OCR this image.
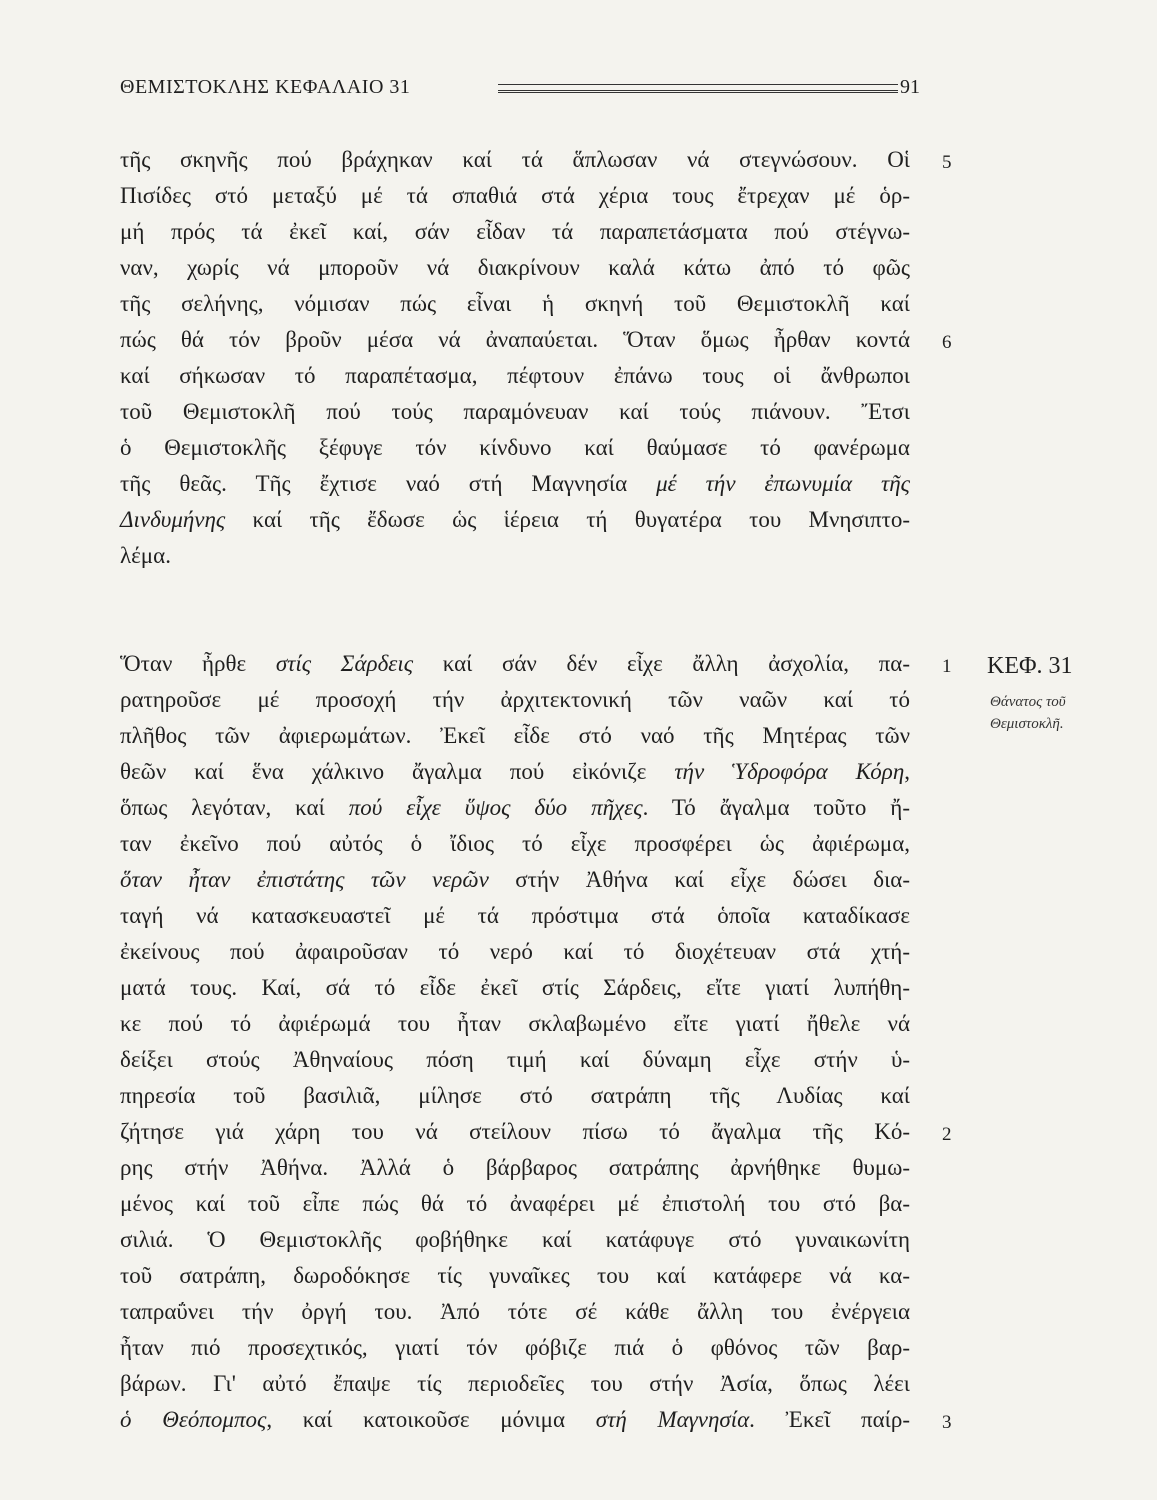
ΘΕΜΙΣΤΟΚΛΗΣ ΚΕΦΑΛΑΙΟ 31	91
τῆς σκηνῆς πού βράχηκαν καί τά ἅπλωσαν νά στεγνώσουν. Οἱ
Πισίδες στό μεταξύ μέ τά σπαθιά στά χέρια τους ἔτρεχαν μέ ὁρ-
μή πρός τά ἐκεῖ καί, σάν εἶδαν τά παραπετάσματα πού στέγνω-
ναν, χωρίς νά μποροῦν νά διακρίνουν καλά κάτω ἀπό τό φῶς
τῆς σελήνης, νόμισαν πώς εἶναι ἡ σκηνή τοῦ Θεμιστοκλῆ καί
πώς θά τόν βροῦν μέσα νά ἀναπαύεται. Ὅταν ὅμως ἦρθαν κοντά
καί σήκωσαν τό παραπέτασμα, πέφτουν ἐπάνω τους οἱ ἄνθρωποι
τοῦ Θεμιστοκλῆ πού τούς παραμόνευαν καί τούς πιάνουν. Ἔτσι
ὁ Θεμιστοκλῆς ξέφυγε τόν κίνδυνο καί θαύμασε τό φανέρωμα
τῆς θεᾶς. Τῆς ἔχτισε ναό στή Μαγνησία μέ τήν ἐπωνυμία τῆς
Δινδυμήνης καί τῆς ἔδωσε ὡς ἱέρεια τή θυγατέρα του Μνησιπτο-
λέμα.
Ὅταν ἦρθε στίς Σάρδεις καί σάν δέν εἶχε ἄλλη ἀσχολία, πα-
ρατηροῦσε μέ προσοχή τήν ἀρχιτεκτονική τῶν ναῶν καί τό
πλῆθος τῶν ἀφιερωμάτων. Ἐκεῖ εἶδε στό ναό τῆς Μητέρας τῶν
θεῶν καί ἕνα χάλκινο ἄγαλμα πού εἰκόνιζε τήν Ὑδροφόρα Κόρη,
ὅπως λεγόταν, καί πού εἶχε ὕψος δύο πῆχες. Τό ἄγαλμα τοῦτο ἤ-
ταν ἐκεῖνο πού αὐτός ὁ ἴδιος τό εἶχε προσφέρει ὡς ἀφιέρωμα,
ὅταν ἦταν ἐπιστάτης τῶν νερῶν στήν Ἀθήνα καί εἶχε δώσει δια-
ταγή νά κατασκευαστεῖ μέ τά πρόστιμα στά ὁποῖα καταδίκασε
ἐκείνους πού ἀφαιροῦσαν τό νερό καί τό διοχέτευαν στά χτή-
ματά τους. Καί, σά τό εἶδε ἐκεῖ στίς Σάρδεις, εἴτε γιατί λυπήθη-
κε πού τό ἀφιέρωμά του ἦταν σκλαβωμένο εἴτε γιατί ἤθελε νά
δείξει στούς Ἀθηναίους πόση τιμή καί δύναμη εἶχε στήν ὑ-
πηρεσία τοῦ βασιλιᾶ, μίλησε στό σατράπη τῆς Λυδίας καί
ζήτησε γιά χάρη του νά στείλουν πίσω τό ἄγαλμα τῆς Κό-
ρης στήν Ἀθήνα. Ἀλλά ὁ βάρβαρος σατράπης ἀρνήθηκε θυμω-
μένος καί τοῦ εἶπε πώς θά τό ἀναφέρει μέ ἐπιστολή του στό βα-
σιλιά. Ὁ Θεμιστοκλῆς φοβήθηκε καί κατάφυγε στό γυναικωνίτη
τοῦ σατράπη, δωροδόκησε τίς γυναῖκες του καί κατάφερε νά κα-
ταπραΰνει τήν ὀργή του. Ἀπό τότε σέ κάθε ἄλλη του ἐνέργεια
ἦταν πιό προσεχτικός, γιατί τόν φόβιζε πιά ὁ φθόνος τῶν βαρ-
βάρων. Γι' αὐτό ἔπαψε τίς περιοδεῖες του στήν Ἀσία, ὅπως λέει
ὁ Θεόπομπος, καί κατοικοῦσε μόνιμα στή Μαγνησία. Ἐκεῖ παίρ-
5
6
1
2
3
ΚΕΦ. 31
Θάνατος τοῦ
Θεμιστοκλῆ.
